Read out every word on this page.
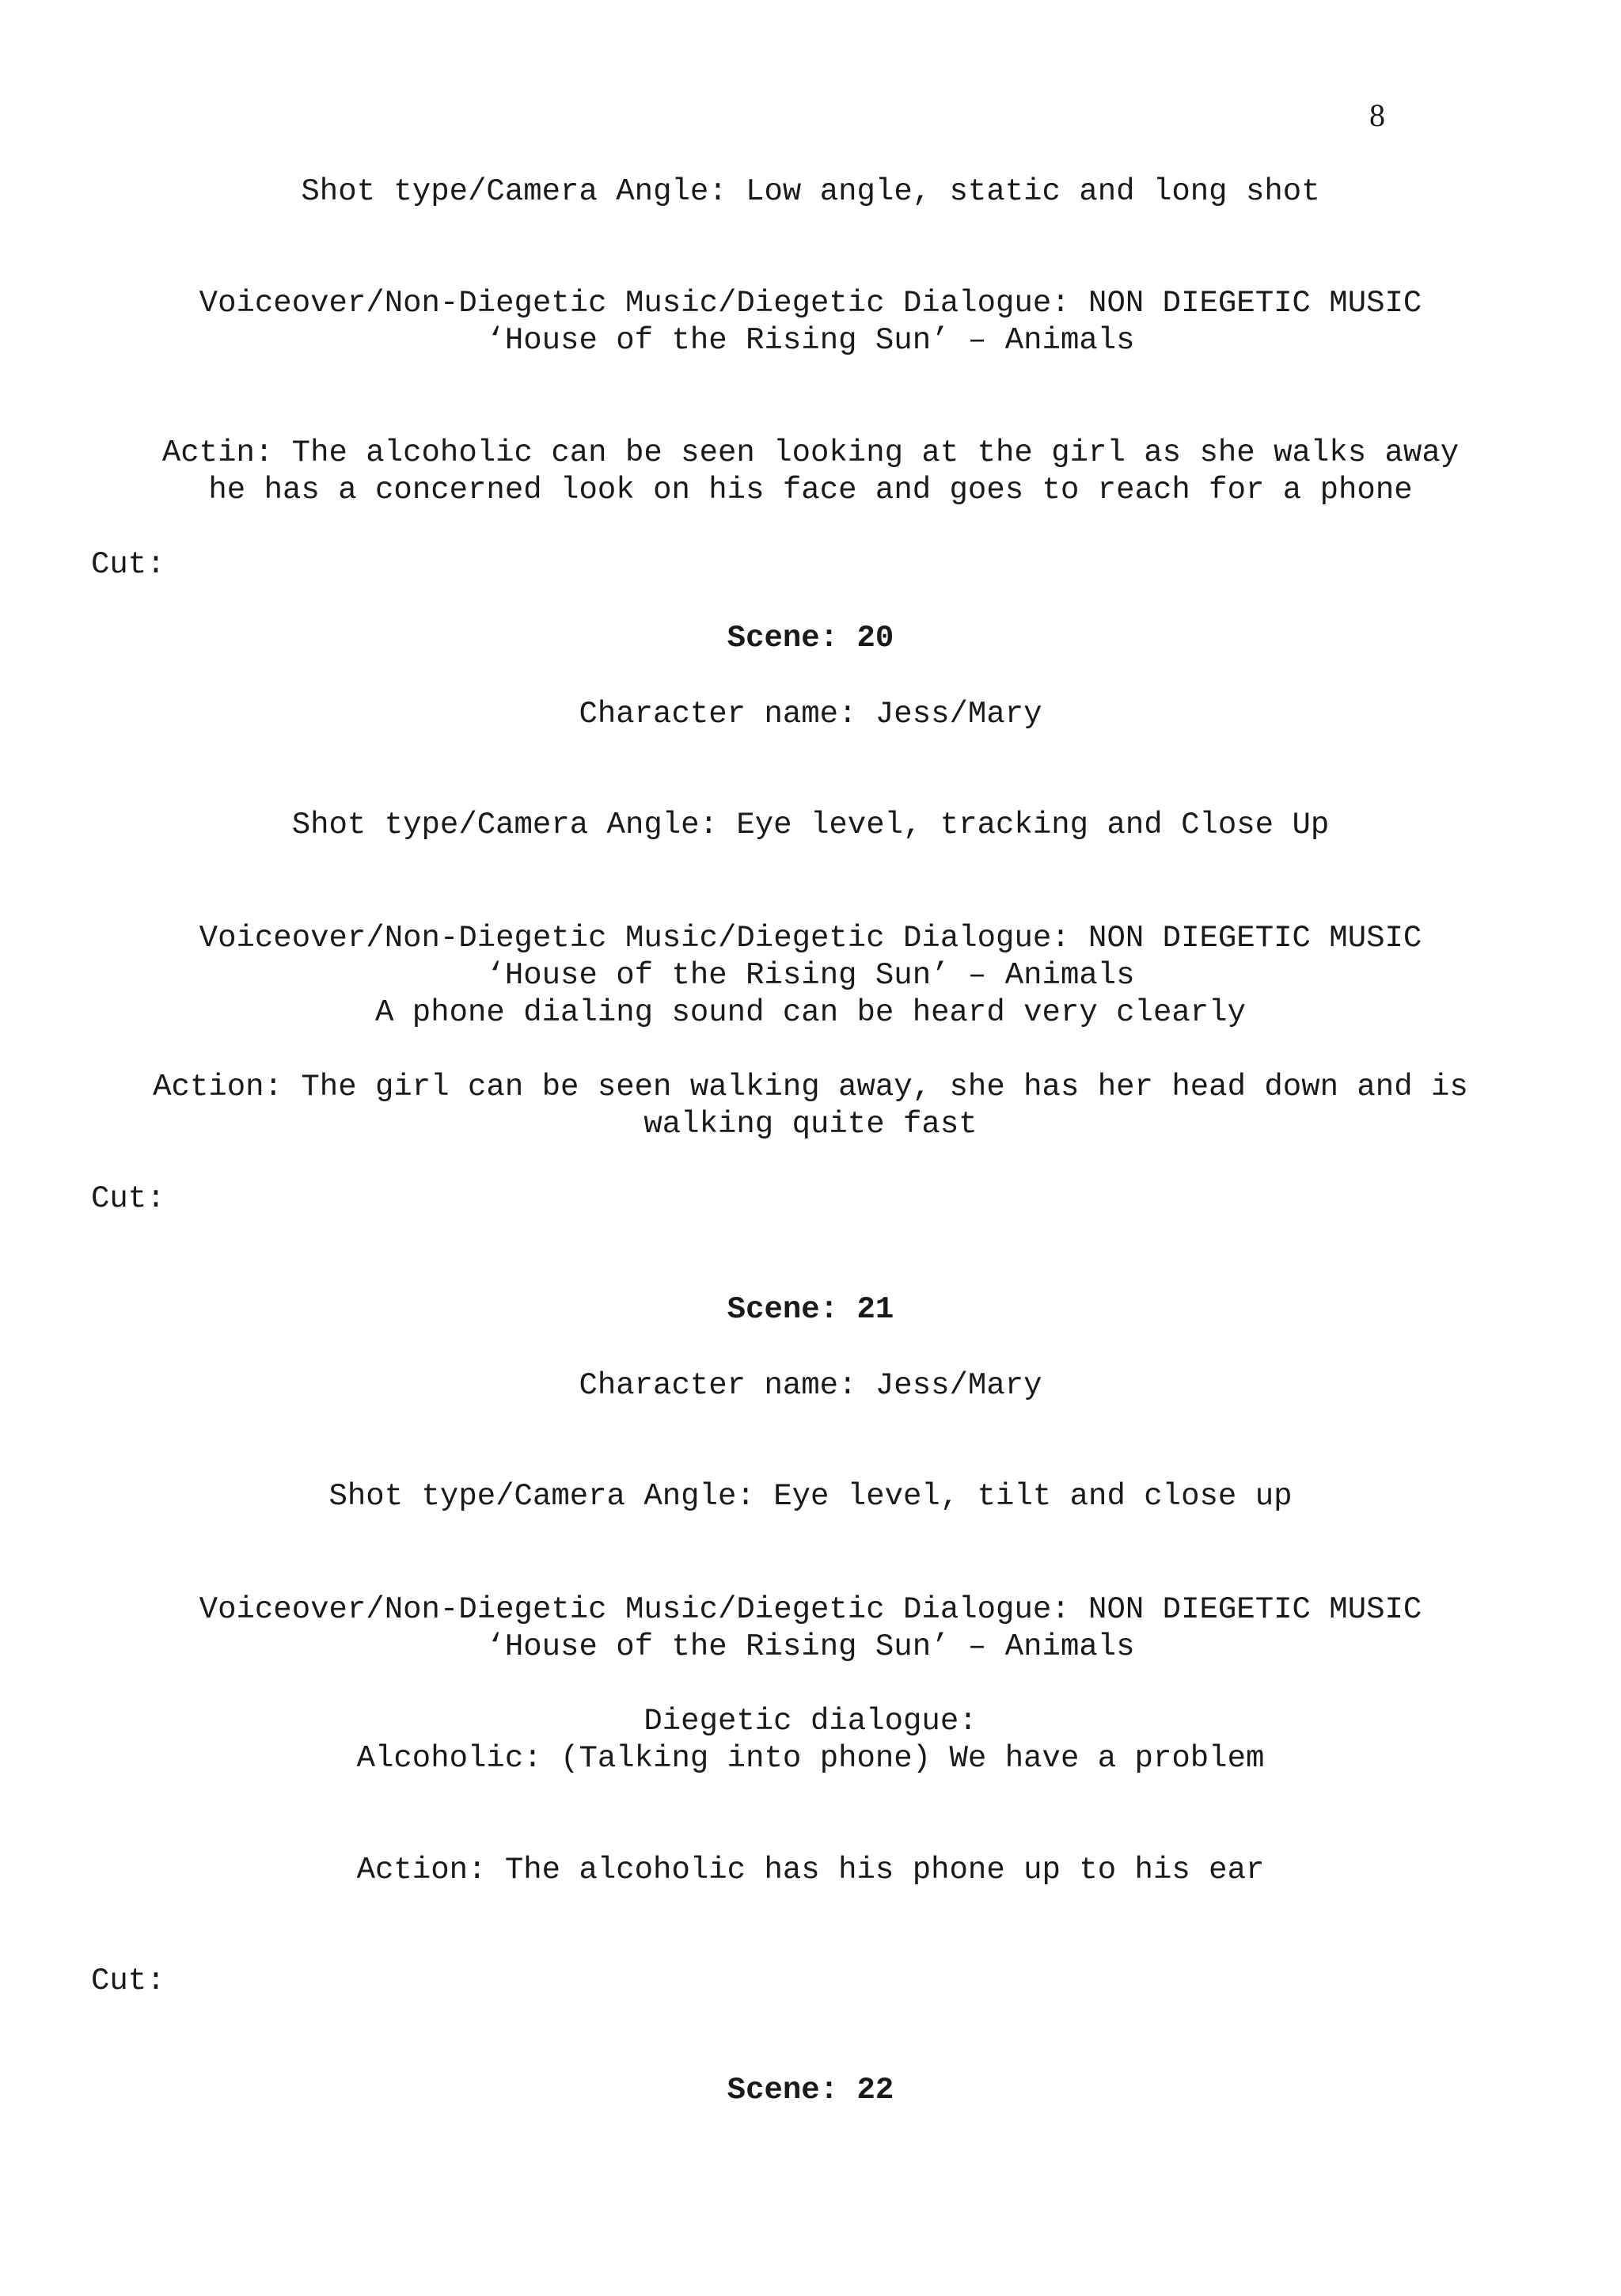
8
Shot type/Camera Angle: Low angle, static and long shot
Voiceover/Non-Diegetic Music/Diegetic Dialogue: NON DIEGETIC MUSIC
‘House of the Rising Sun’ – Animals
Actin: The alcoholic can be seen looking at the girl as she walks away
he has a concerned look on his face and goes to reach for a phone
Cut:
Scene: 20
Character name: Jess/Mary
Shot type/Camera Angle: Eye level, tracking and Close Up
Voiceover/Non-Diegetic Music/Diegetic Dialogue: NON DIEGETIC MUSIC
‘House of the Rising Sun’ – Animals
A phone dialing sound can be heard very clearly
Action: The girl can be seen walking away, she has her head down and is
walking quite fast
Cut:
Scene: 21
Character name: Jess/Mary
Shot type/Camera Angle: Eye level, tilt and close up
Voiceover/Non-Diegetic Music/Diegetic Dialogue: NON DIEGETIC MUSIC
‘House of the Rising Sun’ – Animals
Diegetic dialogue:
Alcoholic: (Talking into phone) We have a problem
Action: The alcoholic has his phone up to his ear
Cut:
Scene: 22
